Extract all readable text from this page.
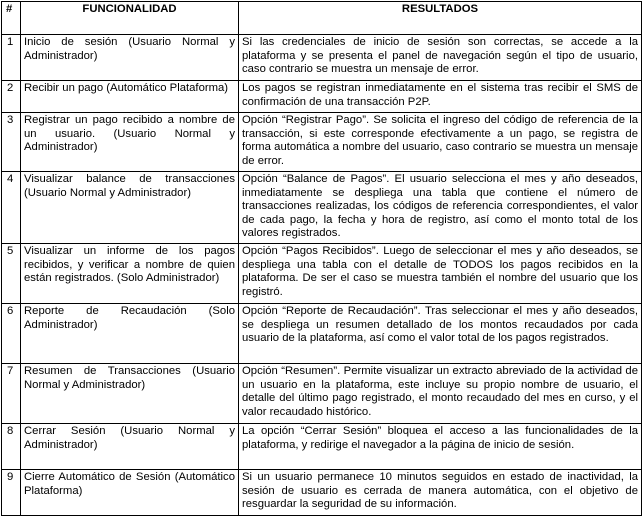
#	FUNCIONALIDAD	RESULTADOS
1	Inicio de sesión (Usuario Normal y Administrador)	Si las credenciales de inicio de sesión son correctas, se accede a la plataforma y se presenta el panel de navegación según el tipo de usuario, caso contrario se muestra un mensaje de error.
2	Recibir un pago (Automático Plataforma)	Los pagos se registran inmediatamente en el sistema tras recibir el SMS de confirmación de una transacción P2P.
3	Registrar un pago recibido a nombre de un usuario. (Usuario Normal y Administrador)	Opción “Registrar Pago”. Se solicita el ingreso del código de referencia de la transacción, si este corresponde efectivamente a un pago, se registra de forma automática a nombre del usuario, caso contrario se muestra un mensaje de error.
4	Visualizar balance de transacciones (Usuario Normal y Administrador)	Opción “Balance de Pagos”. El usuario selecciona el mes y año deseados, inmediatamente se despliega una tabla que contiene el número de transacciones realizadas, los códigos de referencia correspondientes, el valor de cada pago, la fecha y hora de registro, así como el monto total de los valores registrados.
5	Visualizar un informe de los pagos recibidos, y verificar a nombre de quien están registrados. (Solo Administrador)	Opción “Pagos Recibidos”. Luego de seleccionar el mes y año deseados, se despliega una tabla con el detalle de TODOS los pagos recibidos en la plataforma. De ser el caso se muestra también el nombre del usuario que los registró.
6	Reporte de Recaudación (Solo Administrador)	Opción “Reporte de Recaudación”. Tras seleccionar el mes y año deseados, se despliega un resumen detallado de los montos recaudados por cada usuario de la plataforma, así como el valor total de los pagos registrados.
7	Resumen de Transacciones (Usuario Normal y Administrador)	Opción “Resumen”. Permite visualizar un extracto abreviado de la actividad de un usuario en la plataforma, este incluye su propio nombre de usuario, el detalle del último pago registrado, el monto recaudado del mes en curso, y el valor recaudado histórico.
8	Cerrar Sesión (Usuario Normal y Administrador)	La opción “Cerrar Sesión” bloquea el acceso a las funcionalidades de la plataforma, y redirige el navegador a la página de inicio de sesión.
9	Cierre Automático de Sesión (Automático Plataforma)	Si un usuario permanece 10 minutos seguidos en estado de inactividad, la sesión de usuario es cerrada de manera automática, con el objetivo de resguardar la seguridad de su información.
